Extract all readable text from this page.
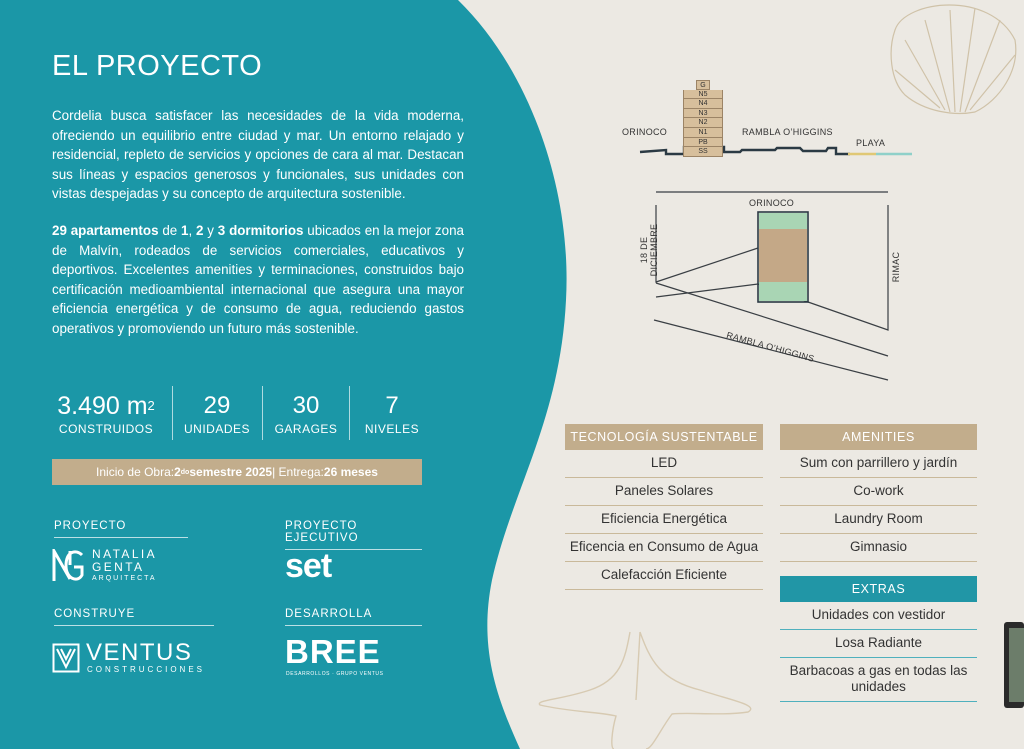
EL PROYECTO

Cordelia busca satisfacer las necesidades de la vida moderna, ofreciendo un equilibrio entre ciudad y mar. Un entorno relajado y residencial, repleto de servicios y opciones de cara al mar. Destacan sus líneas y espacios generosos y funcionales, sus unidades con vistas despejadas y su concepto de arquitectura sostenible.

29 apartamentos de 1, 2 y 3 dormitorios ubicados en la mejor zona de Malvín, rodeados de servicios comerciales, educativos y deportivos. Excelentes amenities y terminaciones, construidos bajo certificación medioambiental internacional que asegura una mayor eficiencia energética y de consumo de agua, reduciendo gastos operativos y promoviendo un futuro más sostenible.

3.490 $m^2$
CONSTRUIDOS
29
UNIDADES
30
GARAGES
7
NIVELES
Inicio de Obra: 2 do semestre 2025 | Entrega: 26 meses
PROYECTO
NATALIA
GENTA
ARQUITECTA
PROYECTO EJECUTIVO
set
CONSTRUYE
VENTUS
CONSTRUCCIONES
DESARROLLA
BREE
DESARROLLOS · GRUPO VENTUS
G
N5
N4
N3
N2
N1
PB
SS
ORINOCO	RAMBLA O’HIGGINS
PLAYA
ORINOCO
18 DE DICIEMBRE	RIMAC
RAMBLA O’HIGGINS
TECNOLOGÍA SUSTENTABLE
LED
Paneles Solares
Eficiencia Energética
Eficencia en Consumo de Agua
Calefacción Eficiente
AMENITIES
Sum con parrillero y jardín
Co-work
Laundry Room
Gimnasio
EXTRAS
Unidades con vestidor
Losa Radiante
Barbacoas a gas en todas las unidades
